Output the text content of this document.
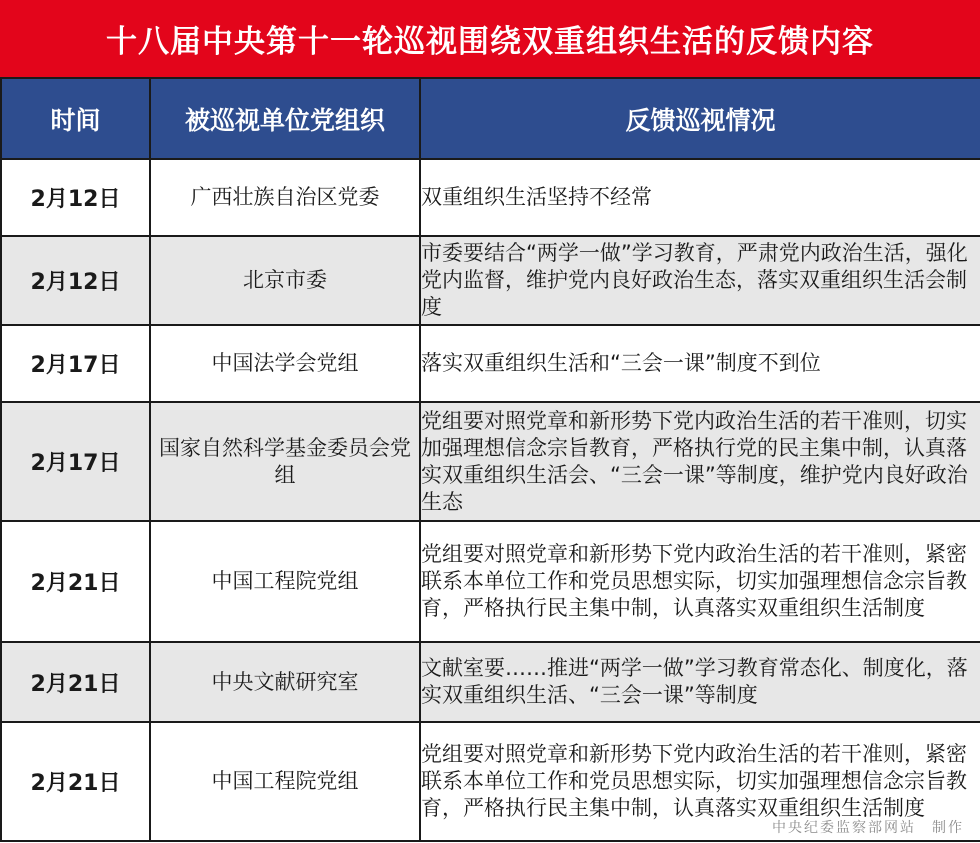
十八届中央第十一轮巡视围绕双重组织生活的反馈内容
时间	被巡视单位党组织	反馈巡视情况
2月12日	广西壮族自治区党委	双重组织生活坚持不经常
2月12日	北京市委	市委要结合“两学一做”学习教育，严肃党内政治生活，强化党内监督，维护党内良好政治生态，落实双重组织生活会制度
2月17日	中国法学会党组	落实双重组织生活和“三会一课”制度不到位
2月17日	国家自然科学基金委员会党组	党组要对照党章和新形势下党内政治生活的若干准则，切实加强理想信念宗旨教育，严格执行党的民主集中制，认真落实双重组织生活会、“三会一课”等制度，维护党内良好政治生态
2月21日	中国工程院党组	党组要对照党章和新形势下党内政治生活的若干准则，紧密联系本单位工作和党员思想实际，切实加强理想信念宗旨教育，严格执行民主集中制，认真落实双重组织生活制度
2月21日	中央文献研究室	文献室要……推进“两学一做”学习教育常态化、制度化，落实双重组织生活、“三会一课”等制度
2月21日	中国工程院党组	党组要对照党章和新形势下党内政治生活的若干准则，紧密联系本单位工作和党员思想实际，切实加强理想信念宗旨教育，严格执行民主集中制，认真落实双重组织生活制度
中央纪委监察部网站　制作
